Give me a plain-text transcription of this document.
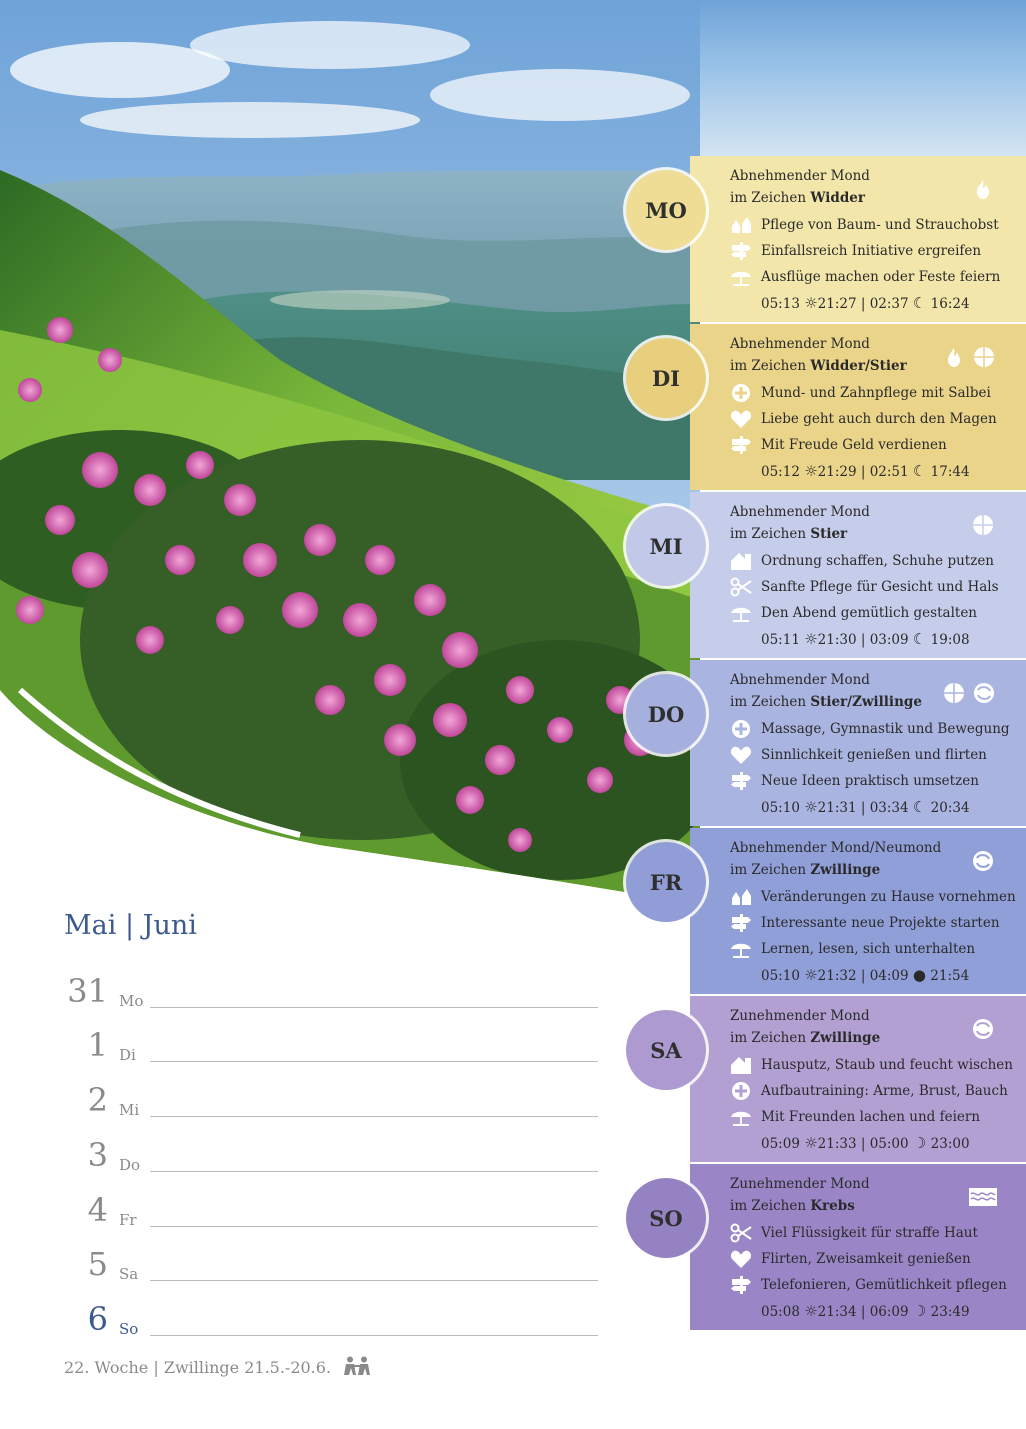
MO
Abnehmender Mond
im Zeichen Widder
Pflege von Baum- und Strauchobst
Einfallsreich Initiative ergreifen
Ausflüge machen oder Feste feiern
05:13 ☼21:27 | 02:37 ☾ 16:24
DI
Abnehmender Mond
im Zeichen Widder/Stier
Mund- und Zahnpflege mit Salbei
Liebe geht auch durch den Magen
Mit Freude Geld verdienen
05:12 ☼21:29 | 02:51 ☾ 17:44
MI
Abnehmender Mond
im Zeichen Stier
Ordnung schaffen, Schuhe putzen
Sanfte Pflege für Gesicht und Hals
Den Abend gemütlich gestalten
05:11 ☼21:30 | 03:09 ☾ 19:08
DO
Abnehmender Mond
im Zeichen Stier/Zwillinge
Massage, Gymnastik und Bewegung
Sinnlichkeit genießen und flirten
Neue Ideen praktisch umsetzen
05:10 ☼21:31 | 03:34 ☾ 20:34
FR
Abnehmender Mond/Neumond
im Zeichen Zwillinge
Veränderungen zu Hause vornehmen
Interessante neue Projekte starten
Lernen, lesen, sich unterhalten
05:10 ☼21:32 | 04:09 ● 21:54
SA
Zunehmender Mond
im Zeichen Zwillinge
Hausputz, Staub und feucht wischen
Aufbautraining: Arme, Brust, Bauch
Mit Freunden lachen und feiern
05:09 ☼21:33 | 05:00 ☽ 23:00
SO
Zunehmender Mond
im Zeichen Krebs
Viel Flüssigkeit für straffe Haut
Flirten, Zweisamkeit genießen
Telefonieren, Gemütlichkeit pflegen
05:08 ☼21:34 | 06:09 ☽ 23:49
Mai | Juni
31 Mo
1 Di
2 Mi
3 Do
4 Fr
5 Sa
6 So
22. Woche | Zwillinge 21.5.-20.6.
